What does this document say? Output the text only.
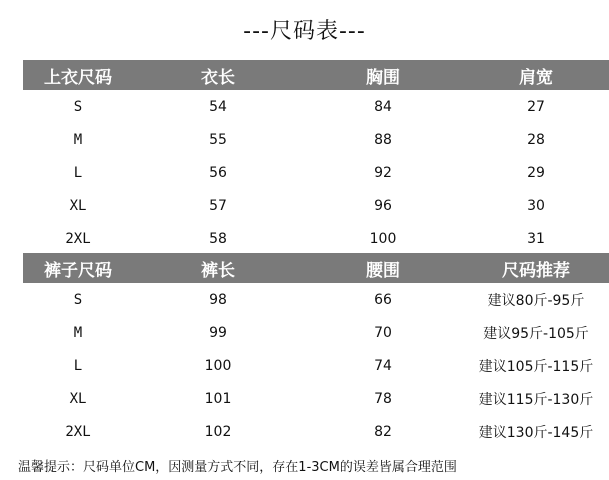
---尺码表---
上衣尺码	衣长	胸围	肩宽
S	54	84	27
M	55	88	28
L	56	92	29
XL	57	96	30
2XL	58	100	31
裤子尺码	裤长	腰围	尺码推荐
S	98	66	建议80斤-95斤
M	99	70	建议95斤-105斤
L	100	74	建议105斤-115斤
XL	101	78	建议115斤-130斤
2XL	102	82	建议130斤-145斤
温馨提示：尺码单位CM，因测量方式不同，存在1-3CM的误差皆属合理范围
